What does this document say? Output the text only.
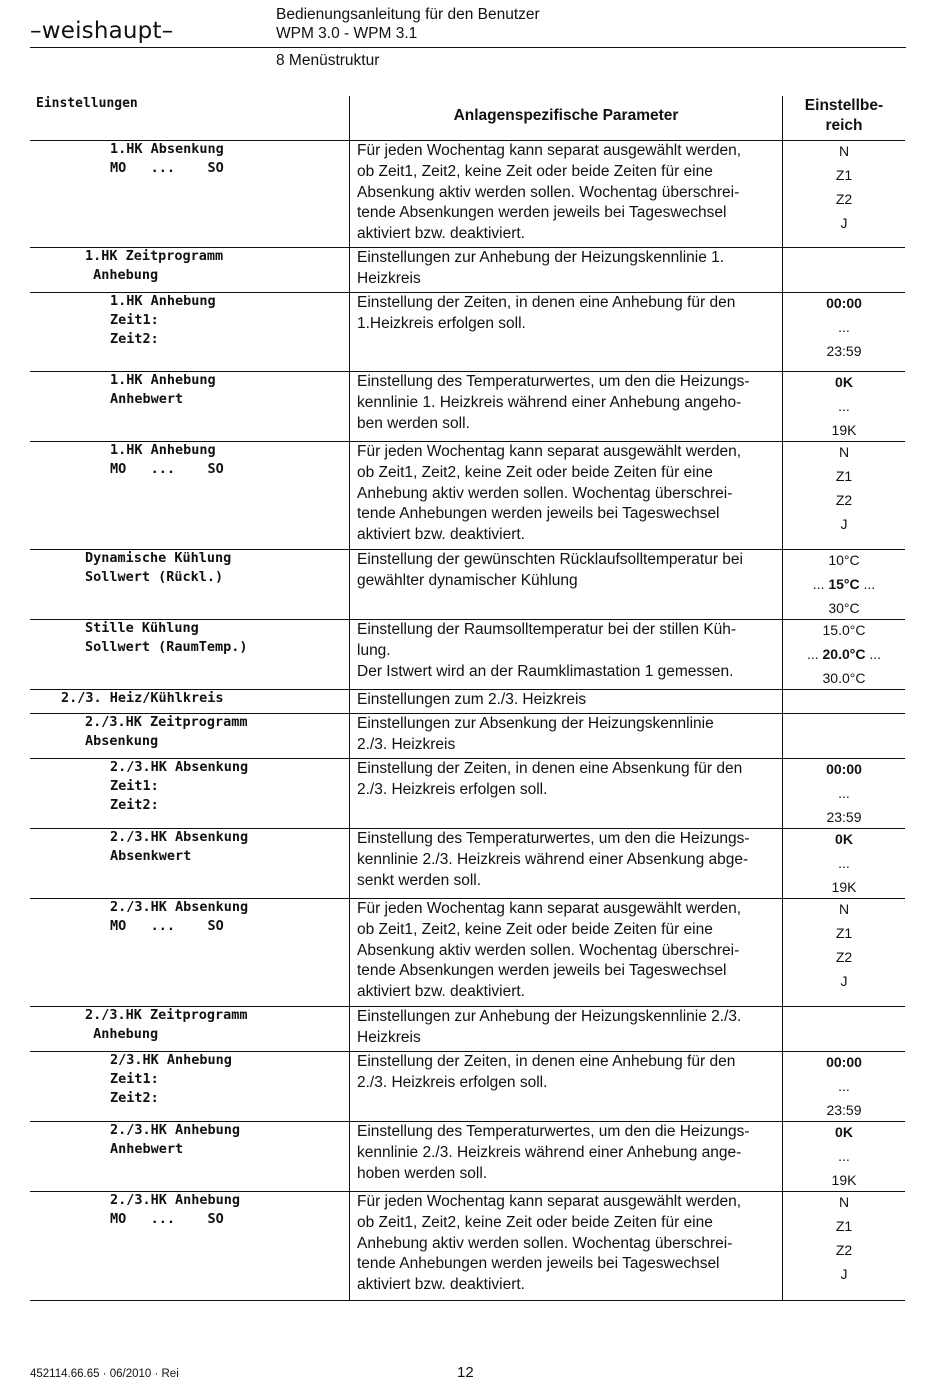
–weishaupt–
Bedienungsanleitung für den Benutzer
WPM 3.0 - WPM 3.1
8 Menüstruktur
Einstellungen
Anlagenspezifische Parameter
Einstellbe-
reich
1.HK Absenkung
MO   ...    SO
Für jeden Wochentag kann separat ausgewählt werden,
ob Zeit1, Zeit2, keine Zeit oder beide Zeiten für eine
Absenkung aktiv werden sollen. Wochentag überschrei-
tende Absenkungen werden jeweils bei Tageswechsel
aktiviert bzw. deaktiviert.
N
Z1
Z2
J
1.HK Zeitprogramm
Anhebung
Einstellungen zur Anhebung der Heizungskennlinie 1.
Heizkreis
1.HK Anhebung
Zeit1:
Zeit2:
Einstellung der Zeiten, in denen eine Anhebung für den
1.Heizkreis erfolgen soll.
00:00
...
23:59
1.HK Anhebung
Anhebwert
Einstellung des Temperaturwertes, um den die Heizungs-
kennlinie 1. Heizkreis während einer Anhebung angeho-
ben werden soll.
0K
...
19K
1.HK Anhebung
MO   ...    SO
Für jeden Wochentag kann separat ausgewählt werden,
ob Zeit1, Zeit2, keine Zeit oder beide Zeiten für eine
Anhebung aktiv werden sollen. Wochentag überschrei-
tende Anhebungen werden jeweils bei Tageswechsel
aktiviert bzw. deaktiviert.
N
Z1
Z2
J
Dynamische Kühlung
Sollwert (Rückl.)
Einstellung der gewünschten Rücklaufsolltemperatur bei
gewählter dynamischer Kühlung
10°C
... 15°C ...
30°C
Stille Kühlung
Sollwert (RaumTemp.)
Einstellung der Raumsolltemperatur bei der stillen Küh-
lung.
Der Istwert wird an der Raumklimastation 1 gemessen.
15.0°C
... 20.0°C ...
30.0°C
2./3. Heiz/Kühlkreis	Einstellungen zum 2./3. Heizkreis
2./3.HK Zeitprogramm
Absenkung
Einstellungen zur Absenkung der Heizungskennlinie
2./3. Heizkreis
2./3.HK Absenkung
Zeit1:
Zeit2:
Einstellung der Zeiten, in denen eine Absenkung für den
2./3. Heizkreis erfolgen soll.
00:00
...
23:59
2./3.HK Absenkung
Absenkwert
Einstellung des Temperaturwertes, um den die Heizungs-
kennlinie 2./3. Heizkreis während einer Absenkung abge-
senkt werden soll.
0K
...
19K
2./3.HK Absenkung
MO   ...    SO
Für jeden Wochentag kann separat ausgewählt werden,
ob Zeit1, Zeit2, keine Zeit oder beide Zeiten für eine
Absenkung aktiv werden sollen. Wochentag überschrei-
tende Absenkungen werden jeweils bei Tageswechsel
aktiviert bzw. deaktiviert.
N
Z1
Z2
J
2./3.HK Zeitprogramm
Anhebung
Einstellungen zur Anhebung der Heizungskennlinie 2./3.
Heizkreis
2/3.HK Anhebung
Zeit1:
Zeit2:
Einstellung der Zeiten, in denen eine Anhebung für den
2./3. Heizkreis erfolgen soll.
00:00
...
23:59
2./3.HK Anhebung
Anhebwert
Einstellung des Temperaturwertes, um den die Heizungs-
kennlinie 2./3. Heizkreis während einer Anhebung ange-
hoben werden soll.
0K
...
19K
2./3.HK Anhebung
MO   ...    SO
Für jeden Wochentag kann separat ausgewählt werden,
ob Zeit1, Zeit2, keine Zeit oder beide Zeiten für eine
Anhebung aktiv werden sollen. Wochentag überschrei-
tende Anhebungen werden jeweils bei Tageswechsel
aktiviert bzw. deaktiviert.
N
Z1
Z2
J
452114.66.65 · 06/2010 · Rei	12
